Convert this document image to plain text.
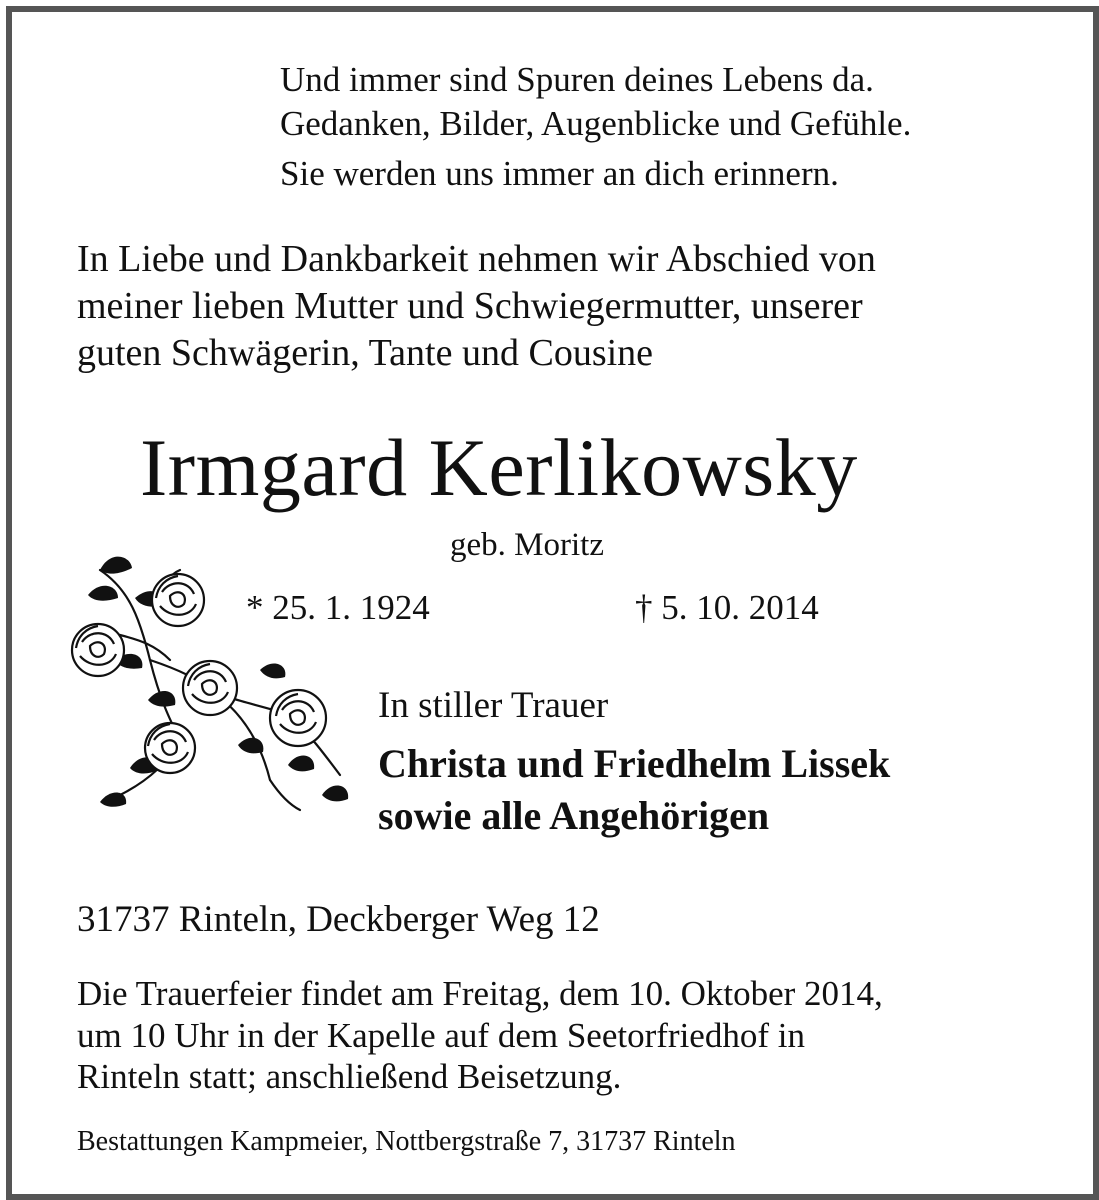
Und immer sind Spuren deines Lebens da.
Gedanken, Bilder, Augenblicke und Gefühle.
Sie werden uns immer an dich erinnern.
In Liebe und Dankbarkeit nehmen wir Abschied von
meiner lieben Mutter und Schwiegermutter, unserer
guten Schwägerin, Tante und Cousine
Irmgard Kerlikowsky
geb. Moritz
* 25. 1. 1924	† 5. 10. 2014
In stiller Trauer
Christa und Friedhelm Lissek
sowie alle Angehörigen
31737 Rinteln, Deckberger Weg 12
Die Trauerfeier findet am Freitag, dem 10. Oktober 2014,
um 10 Uhr in der Kapelle auf dem Seetorfriedhof in
Rinteln statt; anschließend Beisetzung.
Bestattungen Kampmeier, Nottbergstraße 7, 31737 Rinteln
